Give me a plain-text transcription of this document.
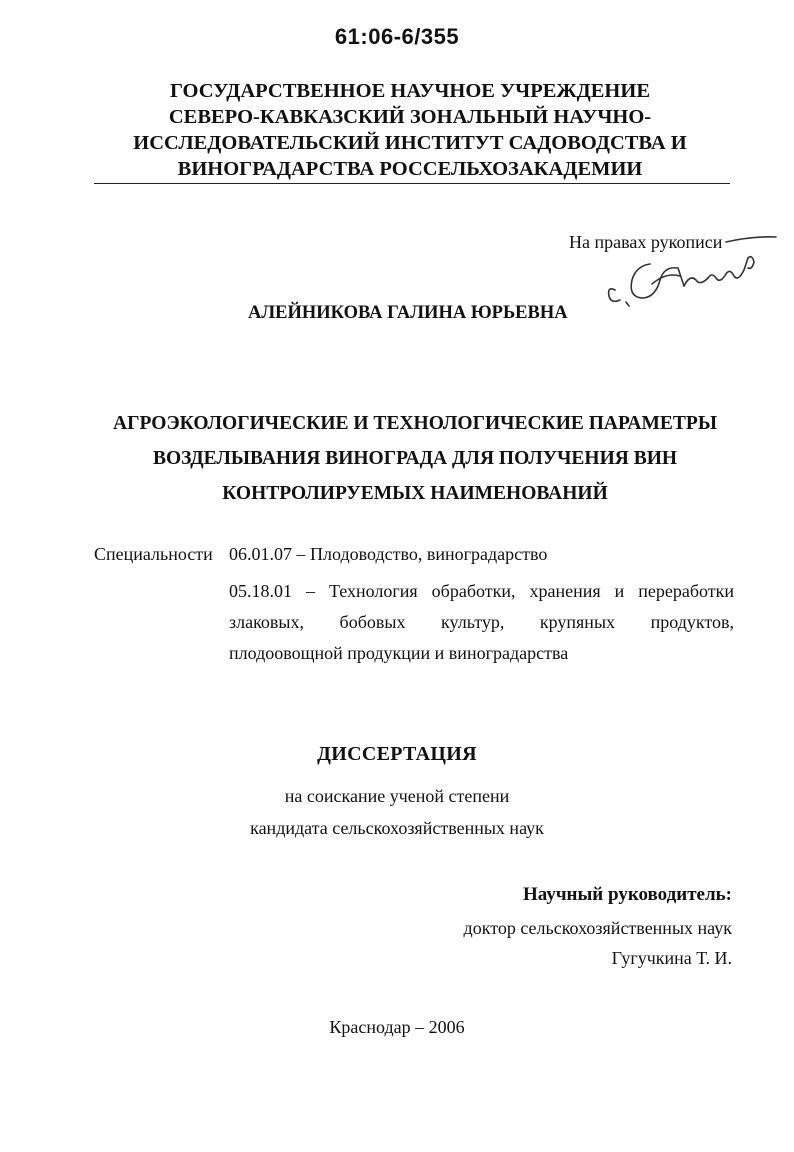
61:06-6/355
ГОСУДАРСТВЕННОЕ НАУЧНОЕ УЧРЕЖДЕНИЕ
СЕВЕРО-КАВКАЗСКИЙ ЗОНАЛЬНЫЙ НАУЧНО-
ИССЛЕДОВАТЕЛЬСКИЙ ИНСТИТУТ САДОВОДСТВА И
ВИНОГРАДАРСТВА РОССЕЛЬХОЗАКАДЕМИИ
На правах рукописи
АЛЕЙНИКОВА ГАЛИНА ЮРЬЕВНА
АГРОЭКОЛОГИЧЕСКИЕ И ТЕХНОЛОГИЧЕСКИЕ ПАРАМЕТРЫ
ВОЗДЕЛЫВАНИЯ ВИНОГРАДА ДЛЯ ПОЛУЧЕНИЯ ВИН
КОНТРОЛИРУЕМЫХ НАИМЕНОВАНИЙ
Специальности 06.01.07 – Плодоводство, виноградарство
05.18.01 – Технология обработки, хранения и переработки
злаковых, бобовых культур, крупяных продуктов,
плодоовощной продукции и виноградарства
ДИССЕРТАЦИЯ
на соискание ученой степени
кандидата сельскохозяйственных наук
Научный руководитель:
доктор сельскохозяйственных наук
Гугучкина Т. И.
Краснодар – 2006
